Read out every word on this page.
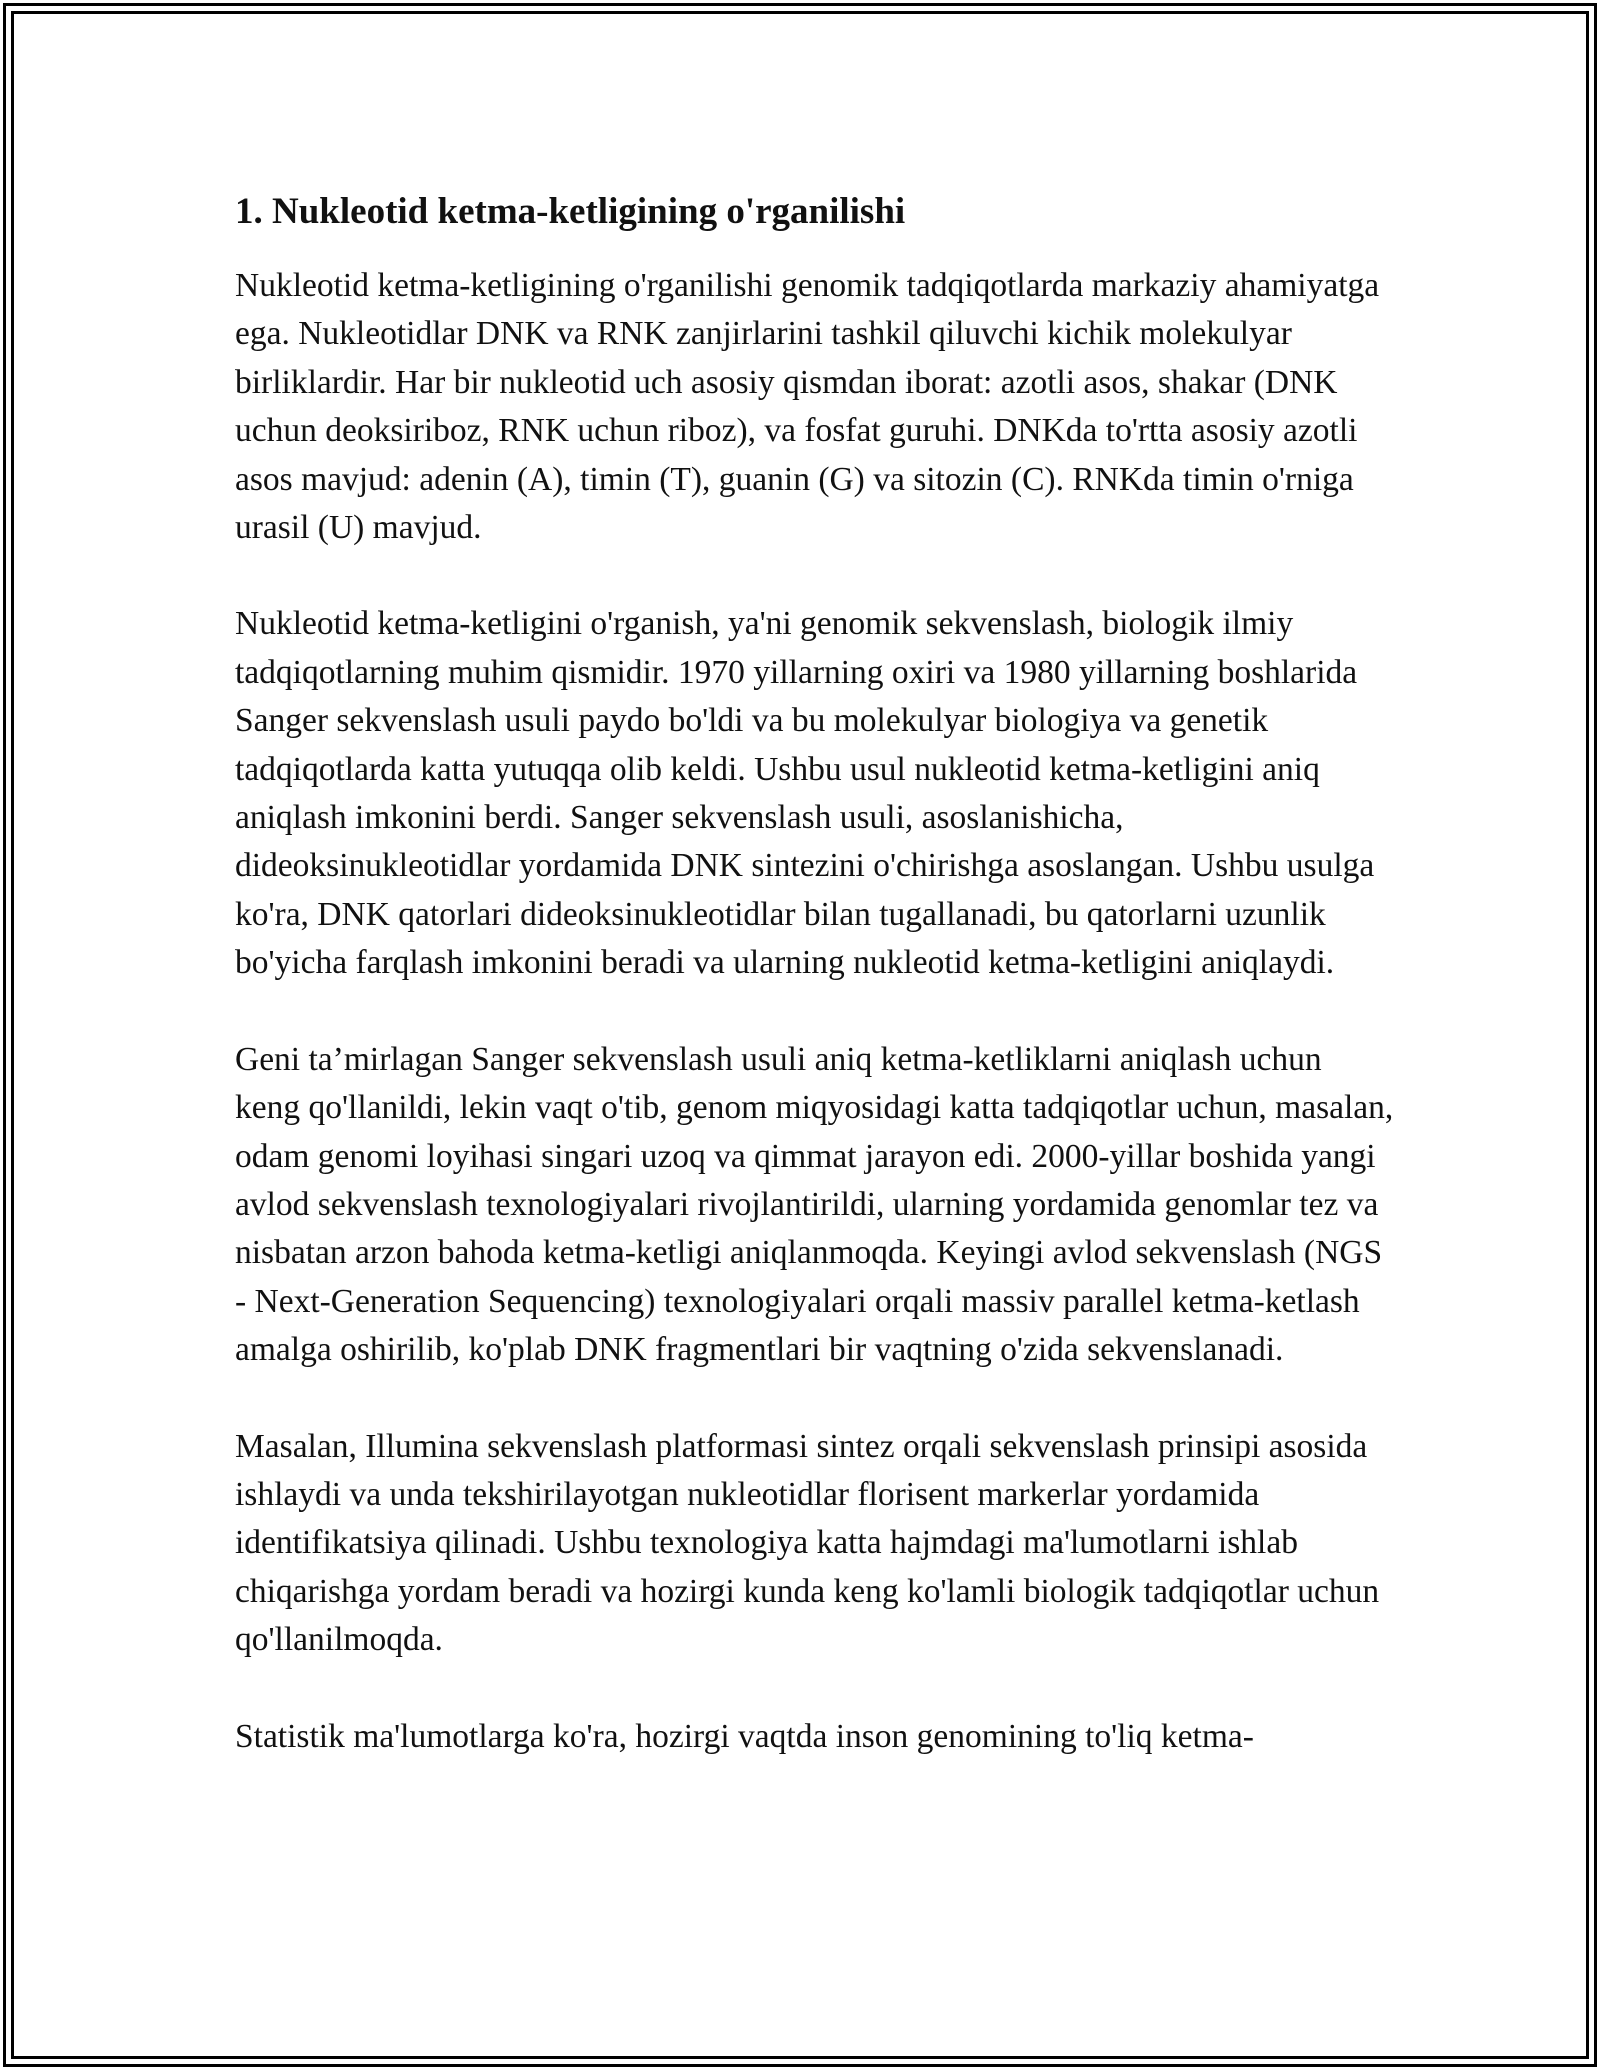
1. Nukleotid ketma-ketligining o'rganilishi

Nukleotid ketma-ketligining o'rganilishi genomik tadqiqotlarda markaziy ahamiyatga ega. Nukleotidlar DNK va RNK zanjirlarini tashkil qiluvchi kichik molekulyar birliklardir. Har bir nukleotid uch asosiy qismdan iborat: azotli asos, shakar (DNK uchun deoksiriboz, RNK uchun riboz), va fosfat guruhi. DNKda to'rtta asosiy azotli asos mavjud: adenin (A), timin (T), guanin (G) va sitozin (C). RNKda timin o'rniga urasil (U) mavjud.

Nukleotid ketma-ketligini o'rganish, ya'ni genomik sekvenslash, biologik ilmiy tadqiqotlarning muhim qismidir. 1970 yillarning oxiri va 1980 yillarning boshlarida Sanger sekvenslash usuli paydo bo'ldi va bu molekulyar biologiya va genetik tadqiqotlarda katta yutuqqa olib keldi. Ushbu usul nukleotid ketma-ketligini aniq aniqlash imkonini berdi. Sanger sekvenslash usuli, asoslanishicha, dideoksinukleotidlar yordamida DNK sintezini o'chirishga asoslangan. Ushbu usulga ko'ra, DNK qatorlari dideoksinukleotidlar bilan tugallanadi, bu qatorlarni uzunlik bo'yicha farqlash imkonini beradi va ularning nukleotid ketma-ketligini aniqlaydi.

Geni ta’mirlagan Sanger sekvenslash usuli aniq ketma-ketliklarni aniqlash uchun keng qo'llanildi, lekin vaqt o'tib, genom miqyosidagi katta tadqiqotlar uchun, masalan, odam genomi loyihasi singari uzoq va qimmat jarayon edi. 2000-yillar boshida yangi avlod sekvenslash texnologiyalari rivojlantirildi, ularning yordamida genomlar tez va nisbatan arzon bahoda ketma-ketligi aniqlanmoqda. Keyingi avlod sekvenslash (NGS - Next-Generation Sequencing) texnologiyalari orqali massiv parallel ketma-ketlash amalga oshirilib, ko'plab DNK fragmentlari bir vaqtning o'zida sekvenslanadi.

Masalan, Illumina sekvenslash platformasi sintez orqali sekvenslash prinsipi asosida ishlaydi va unda tekshirilayotgan nukleotidlar florisent markerlar yordamida identifikatsiya qilinadi. Ushbu texnologiya katta hajmdagi ma'lumotlarni ishlab chiqarishga yordam beradi va hozirgi kunda keng ko'lamli biologik tadqiqotlar uchun qo'llanilmoqda.

Statistik ma'lumotlarga ko'ra, hozirgi vaqtda inson genomining to'liq ketma-
